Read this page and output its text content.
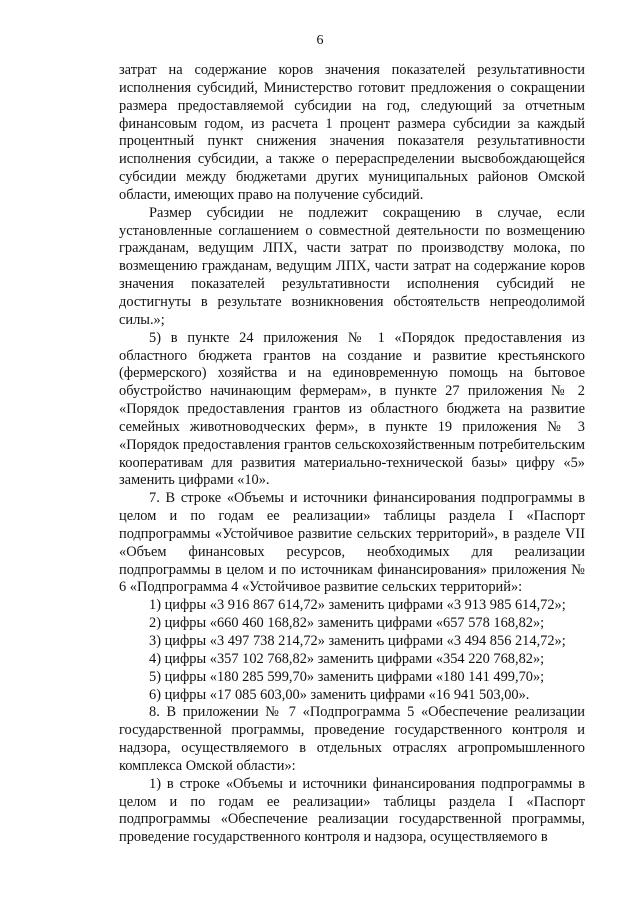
6

затрат на содержание коров значения показателей результативности исполнения субсидий, Министерство готовит предложения о сокращении размера предоставляемой субсидии на год, следующий за отчетным финансовым годом, из расчета 1 процент размера субсидии за каждый процентный пункт снижения значения показателя результативности исполнения субсидии, а также о перераспределении высвобождающейся субсидии между бюджетами других муниципальных районов Омской области, имеющих право на получение субсидий.

Размер субсидии не подлежит сокращению в случае, если установленные соглашением о совместной деятельности по возмещению гражданам, ведущим ЛПХ, части затрат по производству молока, по возмещению гражданам, ведущим ЛПХ, части затрат на содержание коров значения показателей результативности исполнения субсидий не достигнуты в результате возникновения обстоятельств непреодолимой силы.»;

5) в пункте 24 приложения № 1 «Порядок предоставления из областного бюджета грантов на создание и развитие крестьянского (фермерского) хозяйства и на единовременную помощь на бытовое обустройство начинающим фермерам», в пункте 27 приложения № 2 «Порядок предоставления грантов из областного бюджета на развитие семейных животноводческих ферм», в пункте 19 приложения № 3 «Порядок предоставления грантов сельскохозяйственным потребительским кооперативам для развития материально-технической базы» цифру «5» заменить цифрами «10».

7. В строке «Объемы и источники финансирования подпрограммы в целом и по годам ее реализации» таблицы раздела I «Паспорт подпрограммы «Устойчивое развитие сельских территорий», в разделе VII «Объем финансовых ресурсов, необходимых для реализации подпрограммы в целом и по источникам финансирования» приложения № 6 «Подпрограмма 4 «Устойчивое развитие сельских территорий»:

1) цифры «3 916 867 614,72» заменить цифрами «3 913 985 614,72»;

2) цифры «660 460 168,82» заменить цифрами «657 578 168,82»;

3) цифры «3 497 738 214,72» заменить цифрами «3 494 856 214,72»;

4) цифры «357 102 768,82» заменить цифрами «354 220 768,82»;

5) цифры «180 285 599,70» заменить цифрами «180 141 499,70»;

6) цифры «17 085 603,00» заменить цифрами «16 941 503,00».

8. В приложении № 7 «Подпрограмма 5 «Обеспечение реализации государственной программы, проведение государственного контроля и надзора, осуществляемого в отдельных отраслях агропромышленного комплекса Омской области»:

1) в строке «Объемы и источники финансирования подпрограммы в целом и по годам ее реализации» таблицы раздела I «Паспорт подпрограммы «Обеспечение реализации государственной программы, проведение государственного контроля и надзора, осуществляемого в
